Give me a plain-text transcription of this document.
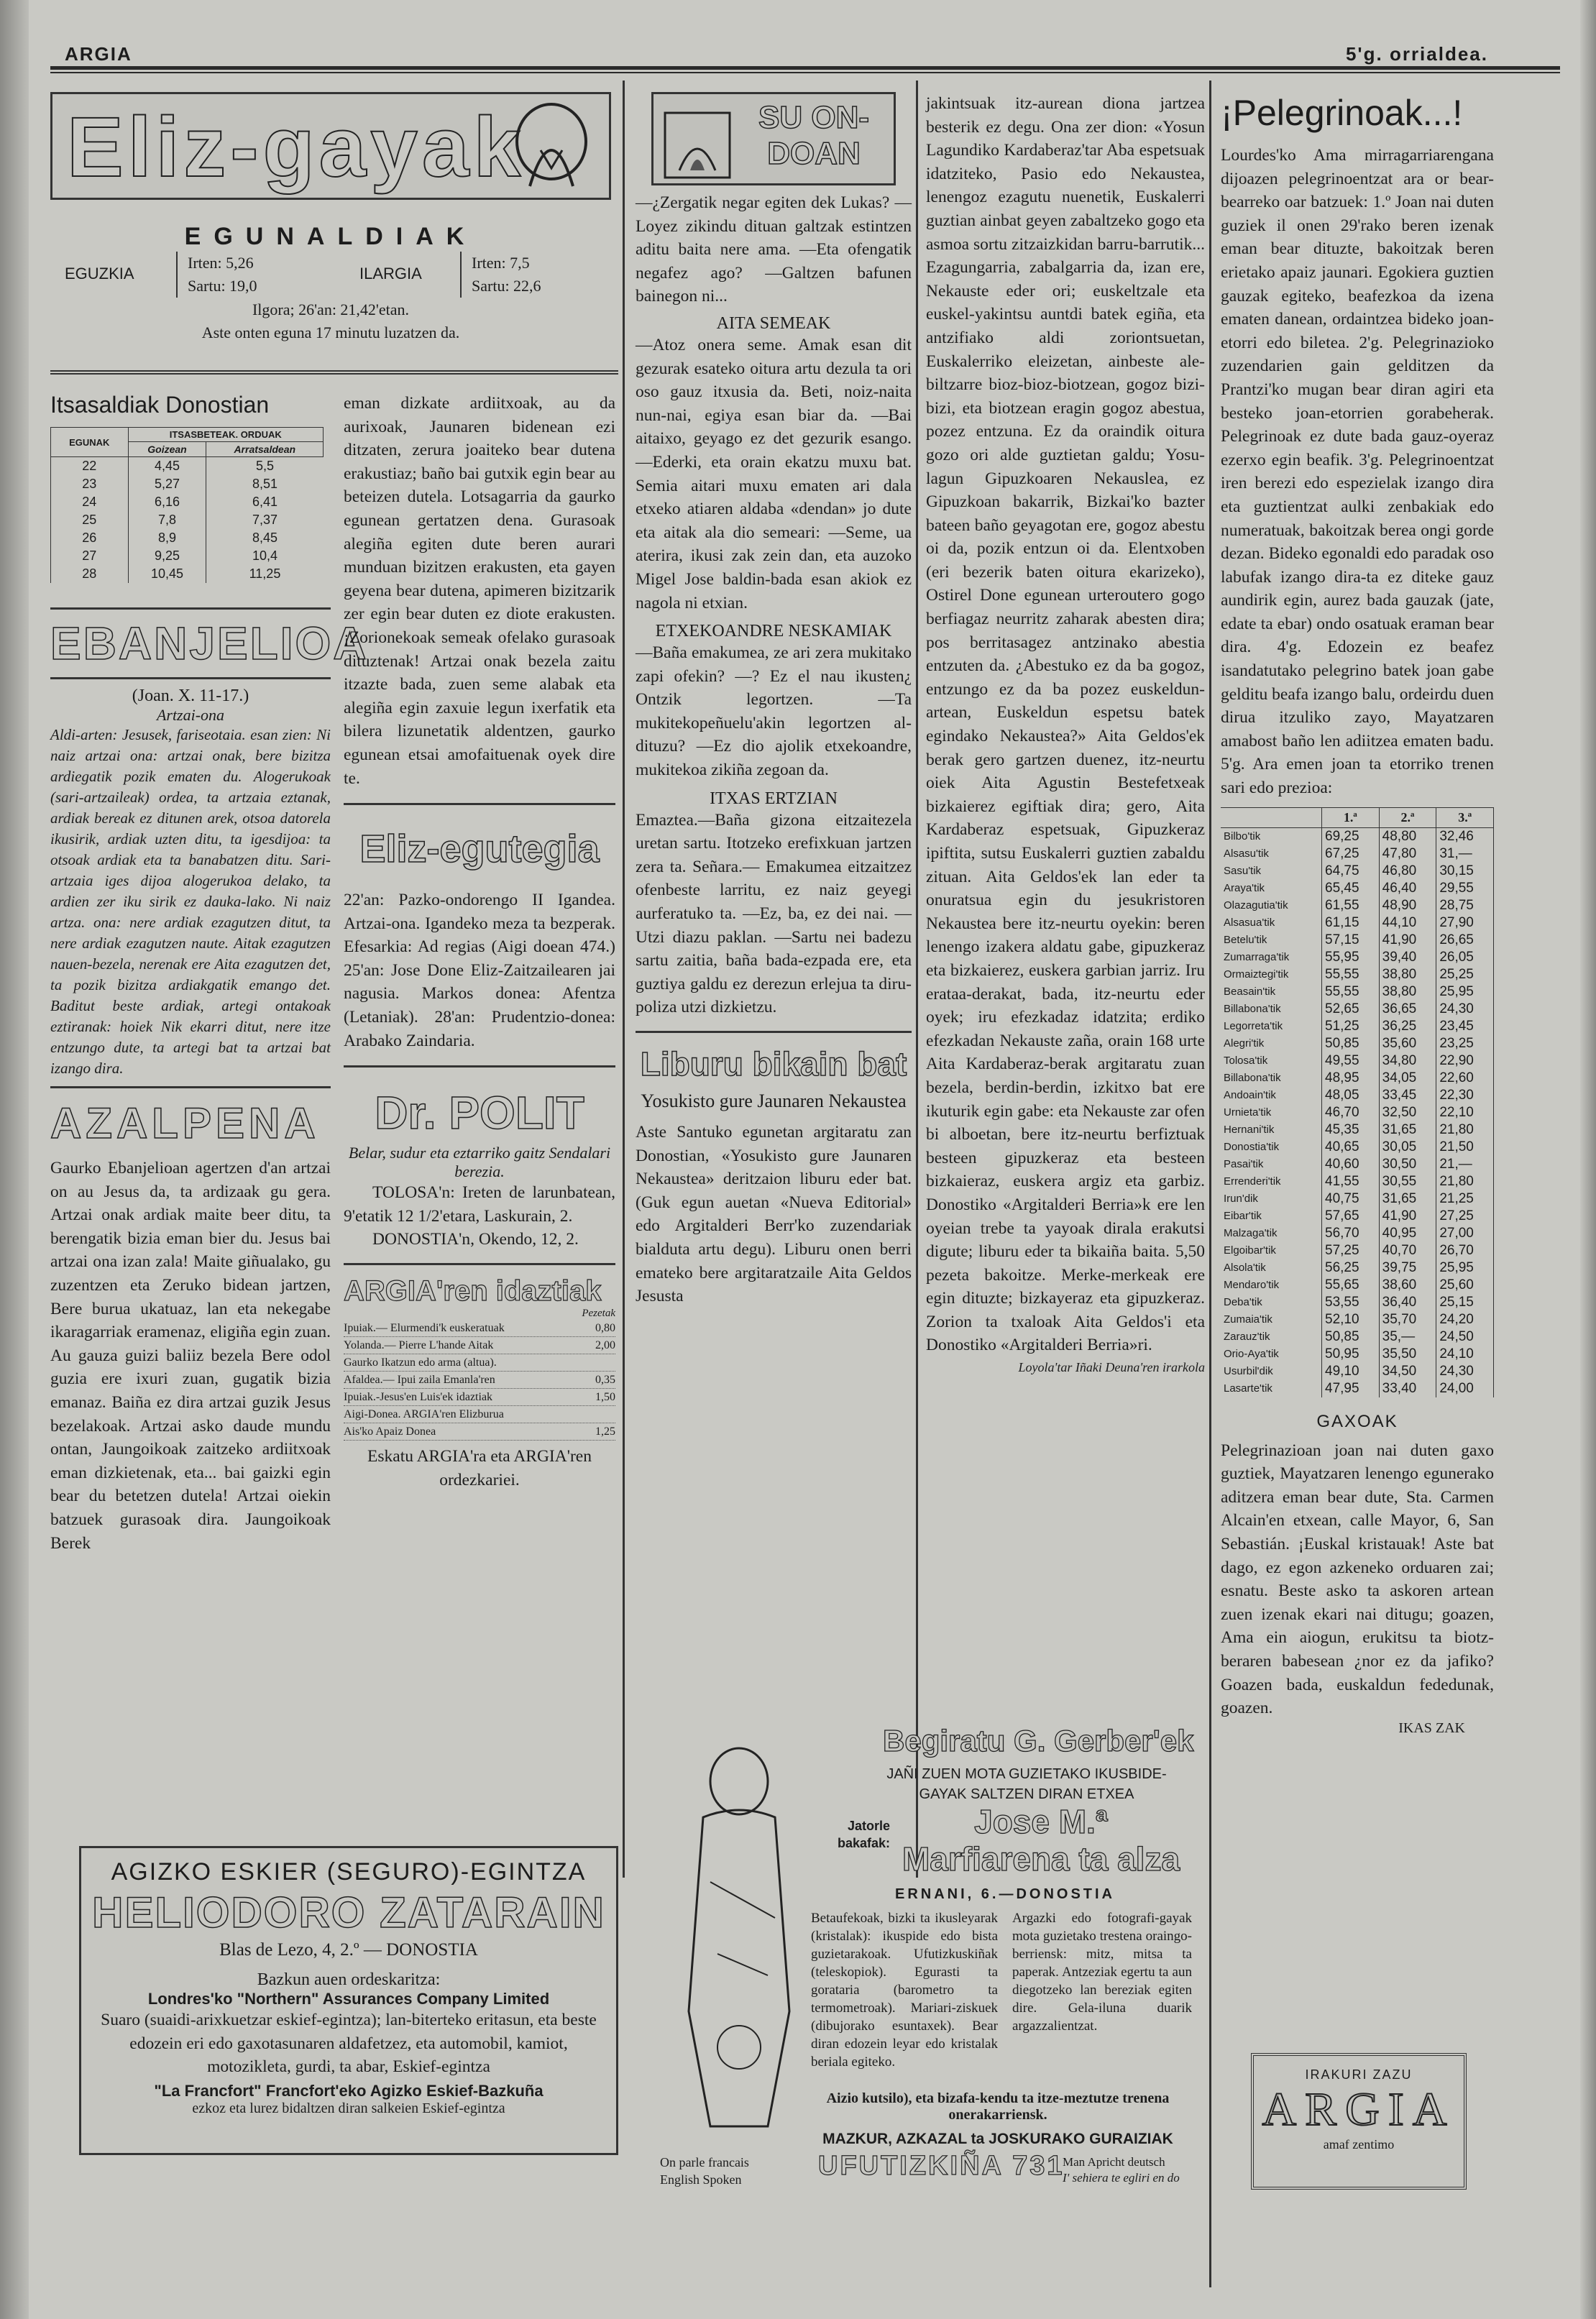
ARGIA	5'g. orrialdea.
Eliz-gayak
EGUNALDIAK
EGUZKIA
Irten: 5,26
Sartu: 19,0
ILARGIA
Irten: 7,5
Sartu: 22,6
Ilgora; 26'an: 21,42'etan.
Aste onten eguna 17 minutu luzatzen da.
Itsasaldiak Donostian
EGUNAK	ITSASBETEAK. ORDUAK	
	Goizean	Arratsaldean
22	4,45	5,5
23	5,27	8,51
24	6,16	6,41
25	7,8	7,37
26	8,9	8,45
27	9,25	10,4
28	10,45	11,25
EBANJELIOA
(Joan. X. 11-17.)
Artzai-ona
Aldi-arten: Jesusek, fariseotaia. esan zien: Ni naiz artzai ona: artzai onak, bere bizitza ardiegatik pozik ematen du. Alogerukoak (sari-artzaileak) ordea, ta artzaia eztanak, ardiak bereak ez ditunen arek, otsoa datorela ikusirik, ardiak uzten ditu, ta igesdijoa: ta otsoak ardiak eta ta banabatzen ditu. Sari-artzaia iges dijoa alogerukoa delako, ta ardien zer iku sirik ez dauka-lako. Ni naiz artza. ona: nere ardiak ezagutzen ditut, ta nere ardiak ezagutzen naute. Aitak ezagutzen nauen-bezela, nerenak ere Aita ezagutzen det, ta pozik bizitza ardiakgatik emango det. Baditut beste ardiak, artegi ontakoak eztiranak: hoiek Nik ekarri ditut, nere itze entzungo dute, ta artegi bat ta artzai bat izango dira.
AZALPENA
Gaurko Ebanjelioan agertzen d'an artzai on au Jesus da, ta ardizaak gu gera. Artzai onak ardiak maite beer ditu, ta berengatik bizia eman bier du. Jesus bai artzai ona izan zala! Maite giñualako, gu zuzentzen eta Zeruko bidean jartzen, Bere burua ukatuaz, lan eta nekegabe ikaragarriak eramenaz, eligiña egin zuan. Au gauza guizi baliiz bezela Bere odol guzia ere ixuri zuan, gugatik bizia emanaz. Baiña ez dira artzai guzik Jesus bezelakoak. Artzai asko daude mundu ontan, Jaungoikoak zaitzeko ardiitxoak eman dizkietenak, eta... bai gaizki egin bear du betetzen dutela! Artzai oiekin batzuek gurasoak dira. Jaungoikoak Berek
eman dizkate ardiitxoak, au da aurixoak, Jaunaren bidenean ezi ditzaten, zerura joaiteko bear dutena erakustiaz; baño bai gutxik egin bear au beteizen dutela. Lotsagarria da gaurko egunean gertatzen dena. Gurasoak alegiña egiten dute beren aurari munduan bizitzen erakusten, eta gayen geyena bear dutena, apimeren bizitzarik zer egin bear duten ez diote erakusten. ¡Zorionekoak semeak ofelako gurasoak dituztenak! Artzai onak bezela zaitu itzazte bada, zuen seme alabak eta alegiña egin zaxuie legun ixerfatik eta bilera lizunetatik aldentzen, gaurko egunean etsai amofaituenak oyek dire te.
Eliz-egutegia
22'an: Pazko-ondorengo II Igandea. Artzai-ona. Igandeko meza ta bezperak. Efesarkia: Ad regias (Aigi doean 474.) 25'an: Jose Done Eliz-Zaitzailearen jai nagusia. Markos donea: Afentza (Letaniak). 28'an: Prudentzio-donea: Arabako Zaindaria.
Dr. POLIT
Belar, sudur eta eztarriko gaitz Sendalari berezia.
TOLOSA'n: Ireten de larunbatean, 9'etatik 12 1/2'etara, Laskurain, 2.
DONOSTIA'n, Okendo, 12, 2.
ARGIA'ren idaztiak
Pezetak
Ipuiak.— Elurmendi'k euskeratuak	0,80
Yolanda.— Pierre L'hande Aitak	2,00
Gaurko Ikatzun edo arma (altua).
Afaldea.— Ipui zaila Emanla'ren	0,35
Ipuiak.-Jesus'en Luis'ek idaztiak	1,50
Aigi-Donea. ARGIA'ren Elizburua
Ais'ko Apaiz Donea	1,25
Eskatu ARGIA'ra eta ARGIA'ren ordezkariei.
AGIZKO ESKIER (SEGURO)-EGINTZA
HELIODORO ZATARAIN
Blas de Lezo, 4, 2.º — DONOSTIA
Bazkun auen ordeskaritza:
Londres'ko "Northern" Assurances Company Limited
Suaro (suaidi-arixkuetzar eskief-egintza); lan-biterteko eritasun, eta beste edozein eri edo gaxotasunaren aldafetzez, eta automobil, kamiot, motozikleta, gurdi, ta abar, Eskief-egintza
"La Francfort" Francfort'eko Agizko Eskief-Bazkuña
ezkoz eta lurez bidaltzen diran salkeien Eskief-egintza
SU ON-DOAN
—¿Zergatik negar egiten dek Lukas? —Loyez zikindu dituan galtzak estintzen aditu baita nere ama. —Eta ofengatik negafez ago? —Galtzen bafunen bainegon ni...
AITA SEMEAK
—Atoz onera seme. Amak esan dit gezurak esateko oitura artu dezula ta ori oso gauz itxusia da. Beti, noiz-naita nun-nai, egiya esan biar da. —Bai aitaixo, geyago ez det gezurik esango. —Ederki, eta orain ekatzu muxu bat. Semia aitari muxu ematen ari dala etxeko atiaren aldaba «dendan» jo dute eta aitak ala dio semeari: —Seme, ua aterira, ikusi zak zein dan, eta auzoko Migel Jose baldin-bada esan akiok ez nagola ni etxian.
ETXEKOANDRE NESKAMIAK
—Baña emakumea, ze ari zera mukitako zapi ofekin? —? Ez el nau ikusten¿ Ontzik legortzen. —Ta mukitekopeñuelu'akin legortzen al-dituzu? —Ez dio ajolik etxekoandre, mukitekoa zikiña zegoan da.
ITXAS ERTZIAN
Emaztea.—Baña gizona eitzaitezela uretan sartu. Itotzeko erefixkuan jartzen zera ta. Señara.— Emakumea eitzaitzez ofenbeste larritu, ez naiz geyegi aurferatuko ta. —Ez, ba, ez dei nai. —Utzi diazu paklan. —Sartu nei badezu sartu zaitia, baña bada-ezpada ere, eta guztiya galdu ez derezun erlejua ta diru-poliza utzi dizkietzu.
Liburu bikain bat
Yosukisto gure Jaunaren Nekaustea
Aste Santuko egunetan argitaratu zan Donostian, «Yosukisto gure Jaunaren Nekaustea» deritzaion liburu eder bat. (Guk egun auetan «Nueva Editorial» edo Argitalderi Berr'ko zuzendariak bialduta artu degu). Liburu onen berri emateko bere argitaratzaile Aita Geldos Jesusta
jakintsuak itz-aurean diona jartzea besterik ez degu. Ona zer dion: «Yosun Lagundiko Kardaberaz'tar Aba espetsuak idatziteko, Pasio edo Nekaustea, lenengoz ezagutu nuenetik, Euskalerri guztian ainbat geyen zabaltzeko gogo eta asmoa sortu zitzaizkidan barru-barrutik... Ezagungarria, zabalgarria da, izan ere, Nekauste eder ori; euskeltzale eta euskel-yakintsu auntdi batek egiña, eta antzifiako aldi zoriontsuetan, Euskalerriko eleizetan, ainbeste ale-biltzarre bioz-bioz-biotzean, gogoz bizi-bizi, eta biotzean eragin gogoz abestua, pozez entzuna. Ez da oraindik oitura gozo ori alde guztietan galdu; Yosu-lagun Gipuzkoaren Nekauslea, ez Gipuzkoan bakarrik, Bizkai'ko bazter bateen baño geyagotan ere, gogoz abestu oi da, pozik entzun oi da. Elentxoben (eri bezerik baten oitura ekarizeko), Ostirel Done egunean urteroutero gogo berfiagaz neurritz zaharak abesten dira; pos berritasagez antzinako abestia entzuten da. ¿Abestuko ez da ba gogoz, entzungo ez da ba pozez euskeldun-artean, Euskeldun espetsu batek egindako Nekaustea?» Aita Geldos'ek berak gero gartzen duenez, itz-neurtu oiek Aita Agustin Bestefetxeak bizkaierez egiftiak dira; gero, Aita Kardaberaz espetsuak, Gipuzkeraz ipiftita, sutsu Euskalerri guztien zabaldu zituan. Aita Geldos'ek lan eder ta onuratsua egin du jesukristoren Nekaustea bere itz-neurtu oyekin: beren lenengo izakera aldatu gabe, gipuzkeraz eta bizkaierez, euskera garbian jarriz. Iru erataa-derakat, bada, itz-neurtu eder oyek; iru efezkadaz idatzita; erdiko efezkadan Nekauste zaña, orain 168 urte Aita Kardaberaz-berak argitaratu zuan bezela, berdin-berdin, izkitxo bat ere ikuturik egin gabe: eta Nekauste zar ofen bi alboetan, bere itz-neurtu berfiztuak besteen gipuzkeraz eta besteen bizkaieraz, euskera argiz eta garbiz. Donostiko «Argitalderi Berria»k ere len oyeian trebe ta yayoak dirala erakutsi digute; liburu eder ta bikaiña baita. 5,50 pezeta bakoitze. Merke-merkeak ere egin dituzte; bizkayeraz eta gipuzkeraz. Zorion ta txaloak Aita Geldos'i eta Donostiko «Argitalderi Berria»ri.
Loyola'tar Iñaki Deuna'ren irarkola
Begiratu G. Gerber'ek
JAÑI ZUEN MOTA GUZIETAKO IKUSBIDE-GAYAK SALTZEN DIRAN ETXEA
Jatorle bakafak:
Jose M.ª Marfiarena ta alza
ERNANI, 6.—DONOSTIA
Betaufekoak, bizki ta ikusleyarak (kristalak): ikuspide edo bista guzietarakoak. Ufutizkuskiñak (teleskopiok). Egurasti ta gorataria (barometro ta termometroak). Mariari-ziskuek (dibujorako esuntaxek). Bear diran edozein leyar edo kristalak beriala egiteko.
Argazki edo fotografi-gayak mota guzietako trestena oraingo-berriensk: mitz, mitsa ta paperak. Antzeziak egertu ta aun diegotzeko lan bereziak egiten dire. Gela-iluna duarik argazzalientzat.
Aizio kutsilo), eta bizafa-kendu ta itze-meztutze trenena onerakarriensk.
MAZKUR, AZKAZAL ta JOSKURAKO GURAIZIAK
UFUTIZKIÑA 731
On parle francais
English Spoken
Man Apricht deutsch
I' sehiera te egliri en do
¡Pelegrinoak...!
Lourdes'ko Ama mirragarriarengana dijoazen pelegrinoentzat ara or bear-bearreko oar batzuek: 1.º Joan nai duten guziek il onen 29'rako beren izenak eman bear dituzte, bakoitzak beren erietako apaiz jaunari. Egokiera guztien gauzak egiteko, beafezkoa da izena ematen danean, ordaintzea bideko joan-etorri edo biletea. 2'g. Pelegrinazioko zuzendarien gain gelditzen da Prantzi'ko mugan bear diran agiri eta besteko joan-etorrien gorabeherak. Pelegrinoak ez dute bada gauz-oyeraz ezerxo egin beafik. 3'g. Pelegrinoentzat iren berezi edo espezielak izango dira eta guztientzat aulki zenbakiak edo numeratuak, bakoitzak berea ongi gorde dezan. Bideko egonaldi edo paradak oso labufak izango dira-ta ez diteke gauz aundirik egin, aurez bada gauzak (jate, edate ta ebar) ondo osatuak eraman bear dira. 4'g. Edozein ez beafez isandatutako pelegrino batek joan gabe gelditu beafa izango balu, ordeirdu duen dirua itzuliko zayo, Mayatzaren amabost baño len adiitzea ematen badu. 5'g. Ara emen joan ta etorriko trenen sari edo prezioa:
	1.ª	2.ª	3.ª
Bilbo'tik	69,25	48,80	32,46
Alsasu'tik	67,25	47,80	31,—
Sasu'tik	64,75	46,80	30,15
Araya'tik	65,45	46,40	29,55
Olazagutia'tik	61,55	48,90	28,75
Alsasua'tik	61,15	44,10	27,90
Betelu'tik	57,15	41,90	26,65
Zumarraga'tik	55,95	39,40	26,05
Ormaiztegi'tik	55,55	38,80	25,25
Beasain'tik	55,55	38,80	25,95
Billabona'tik	52,65	36,65	24,30
Legorreta'tik	51,25	36,25	23,45
Alegri'tik	50,85	35,60	23,25
Tolosa'tik	49,55	34,80	22,90
Billabona'tik	48,95	34,05	22,60
Andoain'tik	48,05	33,45	22,30
Urnieta'tik	46,70	32,50	22,10
Hernani'tik	45,35	31,65	21,80
Donostia'tik	40,65	30,05	21,50
Pasai'tik	40,60	30,50	21,—
Errenderi'tik	41,55	30,55	21,80
Irun'dik	40,75	31,65	21,25
Eibar'tik	57,65	41,90	27,25
Malzaga'tik	56,70	40,95	27,00
Elgoibar'tik	57,25	40,70	26,70
Alsola'tik	56,25	39,75	25,95
Mendaro'tik	55,65	38,60	25,60
Deba'tik	53,55	36,40	25,15
Zumaia'tik	52,10	35,70	24,20
Zarauz'tik	50,85	35,—	24,50
Orio-Aya'tik	50,95	35,50	24,10
Usurbil'dik	49,10	34,50	24,30
Lasarte'tik	47,95	33,40	24,00
GAXOAK
Pelegrinazioan joan nai duten gaxo guztiek, Mayatzaren lenengo egunerako aditzera eman bear dute, Sta. Carmen Alcain'en etxean, calle Mayor, 6, San Sebastián. ¡Euskal kristauak! Aste bat dago, ez egon azkeneko orduaren zai; esnatu. Beste asko ta askoren artean zuen izenak ekari nai ditugu; goazen, Ama ein aiogun, erukitsu ta biotz-beraren babesean ¿nor ez da jafiko? Goazen bada, euskaldun fededunak, goazen.
IKAS ZAK
IRAKURI ZAZU
ARGIA
amaf zentimo
